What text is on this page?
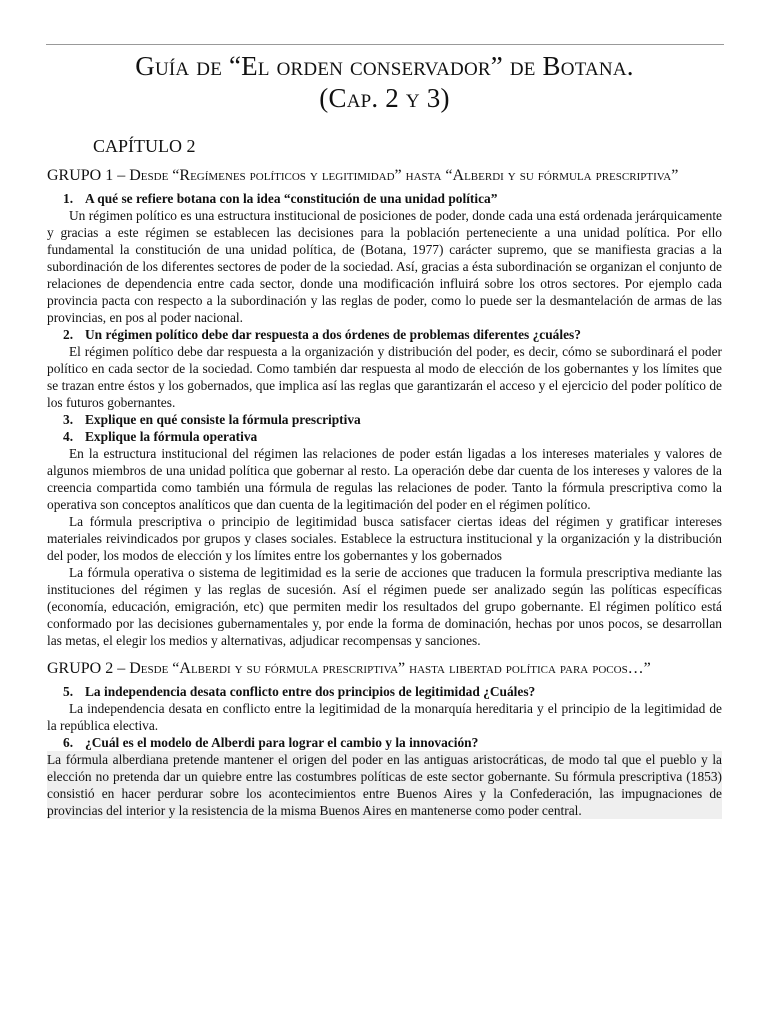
Guía de “El orden conservador” de Botana.
(Cap. 2 y 3)
CAPÍTULO 2
GRUPO 1 – Desde “Regímenes políticos y legitimidad” hasta “Alberdi y su fórmula prescriptiva”

1. A qué se refiere botana con la idea “constitución de una unidad política”

Un régimen político es una estructura institucional de posiciones de poder, donde cada una está ordenada jerárquicamente y gracias a este régimen se establecen las decisiones para la población perteneciente a una unidad política. Por ello fundamental la constitución de una unidad política, de (Botana, 1977) carácter supremo, que se manifiesta gracias a la subordinación de los diferentes sectores de poder de la sociedad. Así, gracias a ésta subordinación se organizan el conjunto de relaciones de dependencia entre cada sector, donde una modificación influirá sobre los otros sectores. Por ejemplo cada provincia pacta con respecto a la subordinación y las reglas de poder, como lo puede ser la desmantelación de armas de las provincias, en pos al poder nacional.

2. Un régimen político debe dar respuesta a dos órdenes de problemas diferentes ¿cuáles?

El régimen político debe dar respuesta a la organización y distribución del poder, es decir, cómo se subordinará el poder político en cada sector de la sociedad. Como también dar respuesta al modo de elección de los gobernantes y los límites que se trazan entre éstos y los gobernados, que implica así las reglas que garantizarán el acceso y el ejercicio del poder político de los futuros gobernantes.

3. Explique en qué consiste la fórmula prescriptiva

4. Explique la fórmula operativa

En la estructura institucional del régimen las relaciones de poder están ligadas a los intereses materiales y valores de algunos miembros de una unidad política que gobernar al resto. La operación debe dar cuenta de los intereses y valores de la creencia compartida como también una fórmula de regulas las relaciones de poder. Tanto la fórmula prescriptiva como la operativa son conceptos analíticos que dan cuenta de la legitimación del poder en el régimen político.

La fórmula prescriptiva o principio de legitimidad busca satisfacer ciertas ideas del régimen y gratificar intereses materiales reivindicados por grupos y clases sociales. Establece la estructura institucional y la organización y la distribución del poder, los modos de elección y los límites entre los gobernantes y los gobernados

La fórmula operativa o sistema de legitimidad es la serie de acciones que traducen la formula prescriptiva mediante las instituciones del régimen y las reglas de sucesión. Así el régimen puede ser analizado según las políticas específicas (economía, educación, emigración, etc) que permiten medir los resultados del grupo gobernante. El régimen político está conformado por las decisiones gubernamentales y, por ende la forma de dominación, hechas por unos pocos, se desarrollan las metas, el elegir los medios y alternativas, adjudicar recompensas y sanciones.

GRUPO 2 – Desde “Alberdi y su fórmula prescriptiva” hasta libertad política para pocos…”

5. La independencia desata conflicto entre dos principios de legitimidad ¿Cuáles?

La independencia desata en conflicto entre la legitimidad de la monarquía hereditaria y el principio de la legitimidad de la república electiva.

6. ¿Cuál es el modelo de Alberdi para lograr el cambio y la innovación?

La fórmula alberdiana pretende mantener el origen del poder en las antiguas aristocráticas, de modo tal que el pueblo y la elección no pretenda dar un quiebre entre las costumbres políticas de este sector gobernante. Su fórmula prescriptiva (1853) consistió en hacer perdurar sobre los acontecimientos entre Buenos Aires y la Confederación, las impugnaciones de provincias del interior y la resistencia de la misma Buenos Aires en mantenerse como poder central.
